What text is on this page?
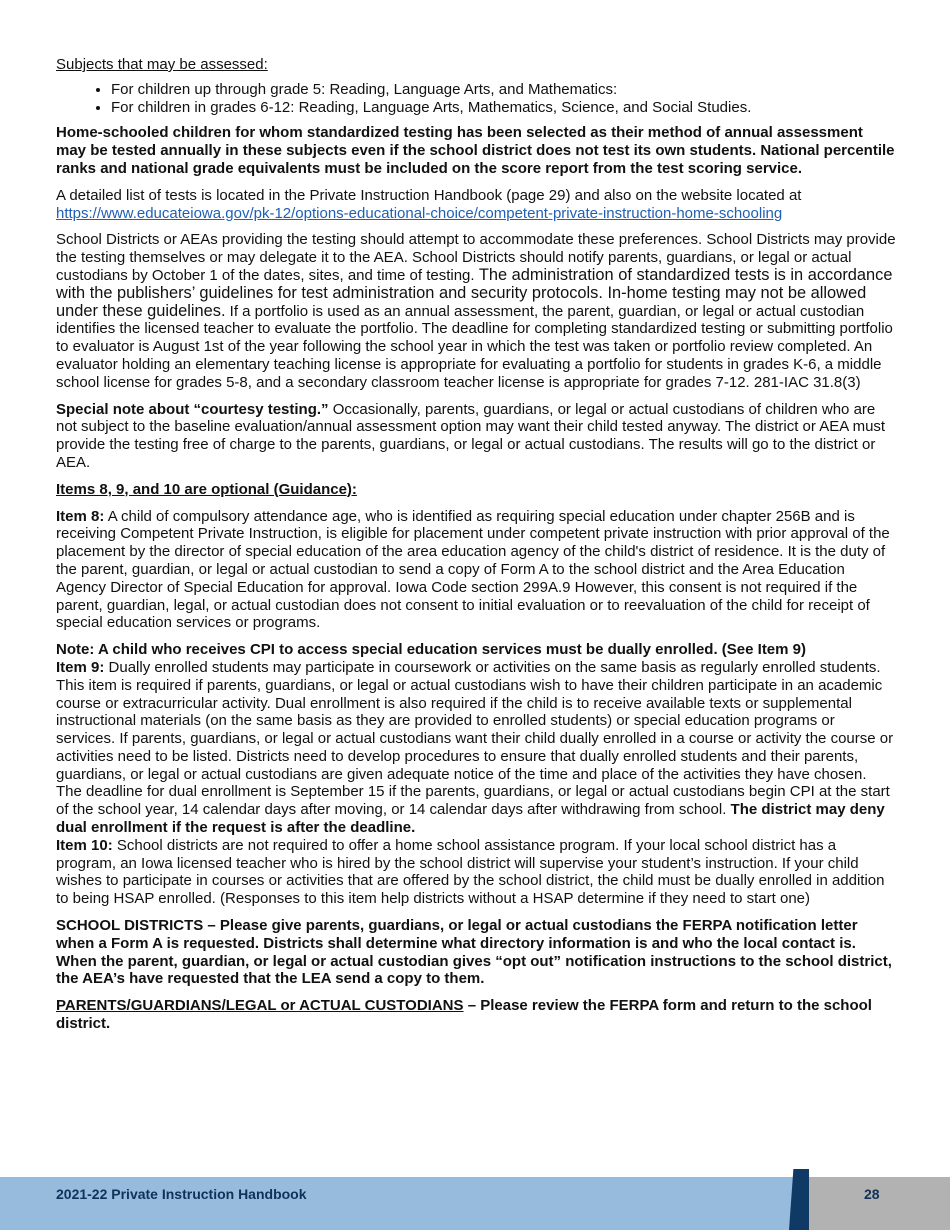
Subjects that may be assessed:

• For children up through grade 5: Reading, Language Arts, and Mathematics:
• For children in grades 6-12: Reading, Language Arts, Mathematics, Science, and Social Studies.

Home-schooled children for whom standardized testing has been selected as their method of annual assessment may be tested annually in these subjects even if the school district does not test its own students. National percentile ranks and national grade equivalents must be included on the score report from the test scoring service.

A detailed list of tests is located in the Private Instruction Handbook (page 29) and also on the website located at
https://www.educateiowa.gov/pk-12/options-educational-choice/competent-private-instruction-home-schooling

School Districts or AEAs providing the testing should attempt to accommodate these preferences. School Districts may provide the testing themselves or may delegate it to the AEA. School Districts should notify parents, guardians, or legal or actual custodians by October 1 of the dates, sites, and time of testing. The administration of standardized tests is in accordance with the publishers’ guidelines for test administration and security protocols. In-home testing may not be allowed under these guidelines. If a portfolio is used as an annual assessment, the parent, guardian, or legal or actual custodian identifies the licensed teacher to evaluate the portfolio. The deadline for completing standardized testing or submitting portfolio to evaluator is August 1st of the year following the school year in which the test was taken or portfolio review completed. An evaluator holding an elementary teaching license is appropriate for evaluating a portfolio for students in grades K-6, a middle school license for grades 5-8, and a secondary classroom teacher license is appropriate for grades 7-12. 281-IAC 31.8(3)

Special note about “courtesy testing.” Occasionally, parents, guardians, or legal or actual custodians of children who are not subject to the baseline evaluation/annual assessment option may want their child tested anyway. The district or AEA must provide the testing free of charge to the parents, guardians, or legal or actual custodians. The results will go to the district or AEA.

Items 8, 9, and 10 are optional (Guidance):

Item 8: A child of compulsory attendance age, who is identified as requiring special education under chapter 256B and is receiving Competent Private Instruction, is eligible for placement under competent private instruction with prior approval of the placement by the director of special education of the area education agency of the child's district of residence. It is the duty of the parent, guardian, or legal or actual custodian to send a copy of Form A to the school district and the Area Education Agency Director of Special Education for approval. Iowa Code section 299A.9 However, this consent is not required if the parent, guardian, legal, or actual custodian does not consent to initial evaluation or to reevaluation of the child for receipt of special education services or programs.

Note: A child who receives CPI to access special education services must be dually enrolled. (See Item 9)
Item 9: Dually enrolled students may participate in coursework or activities on the same basis as regularly enrolled students. This item is required if parents, guardians, or legal or actual custodians wish to have their children participate in an academic course or extracurricular activity. Dual enrollment is also required if the child is to receive available texts or supplemental instructional materials (on the same basis as they are provided to enrolled students) or special education programs or services. If parents, guardians, or legal or actual custodians want their child dually enrolled in a course or activity the course or activities need to be listed. Districts need to develop procedures to ensure that dually enrolled students and their parents, guardians, or legal or actual custodians are given adequate notice of the time and place of the activities they have chosen. The deadline for dual enrollment is September 15 if the parents, guardians, or legal or actual custodians begin CPI at the start of the school year, 14 calendar days after moving, or 14 calendar days after withdrawing from school. The district may deny dual enrollment if the request is after the deadline.
Item 10: School districts are not required to offer a home school assistance program. If your local school district has a program, an Iowa licensed teacher who is hired by the school district will supervise your student’s instruction. If your child wishes to participate in courses or activities that are offered by the school district, the child must be dually enrolled in addition to being HSAP enrolled. (Responses to this item help districts without a HSAP determine if they need to start one)

SCHOOL DISTRICTS – Please give parents, guardians, or legal or actual custodians the FERPA notification letter when a Form A is requested. Districts shall determine what directory information is and who the local contact is. When the parent, guardian, or legal or actual custodian gives “opt out” notification instructions to the school district, the AEA’s have requested that the LEA send a copy to them.

PARENTS/GUARDIANS/LEGAL or ACTUAL CUSTODIANS – Please review the FERPA form and return to the school district.

2021-22 Private Instruction Handbook	28
